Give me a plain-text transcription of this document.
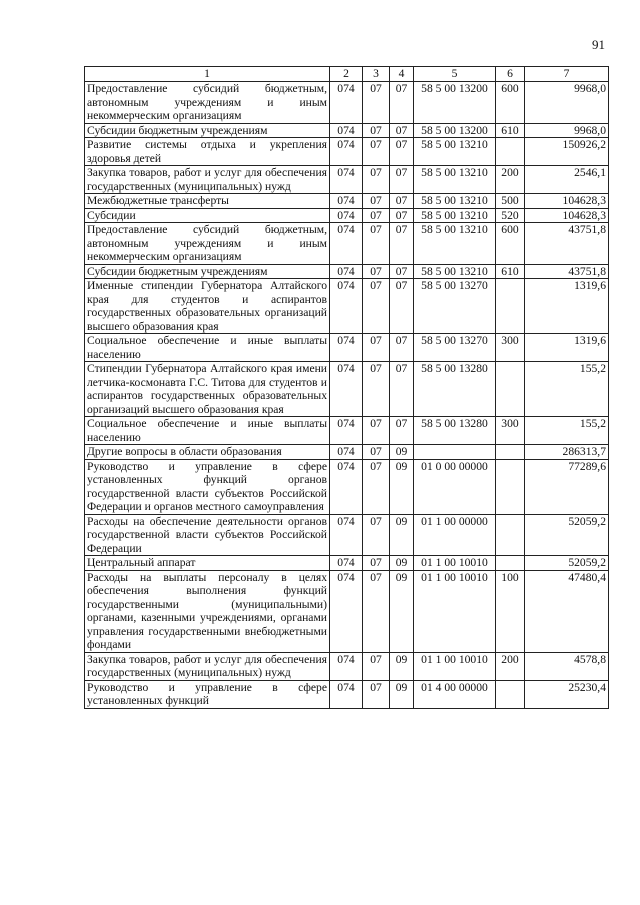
91
1	2	3	4	5	6	7
Предоставление субсидий бюджетным, автономным учреждениям и иным некоммерческим организациям	074	07	07	58 5 00 13200	600	9968,0
Субсидии бюджетным учреждениям	074	07	07	58 5 00 13200	610	9968,0
Развитие системы отдыха и укрепления здоровья детей	074	07	07	58 5 00 13210		150926,2
Закупка товаров, работ и услуг для обеспечения государственных (муниципальных) нужд	074	07	07	58 5 00 13210	200	2546,1
Межбюджетные трансферты	074	07	07	58 5 00 13210	500	104628,3
Субсидии	074	07	07	58 5 00 13210	520	104628,3
Предоставление субсидий бюджетным, автономным учреждениям и иным некоммерческим организациям	074	07	07	58 5 00 13210	600	43751,8
Субсидии бюджетным учреждениям	074	07	07	58 5 00 13210	610	43751,8
Именные стипендии Губернатора Алтайского края для студентов и аспирантов государственных образовательных организаций высшего образования края	074	07	07	58 5 00 13270		1319,6
Социальное обеспечение и иные выплаты населению	074	07	07	58 5 00 13270	300	1319,6
Стипендии Губернатора Алтайского края имени летчика-космонавта Г.С. Титова для студентов и аспирантов государственных образовательных организаций высшего образования края	074	07	07	58 5 00 13280		155,2
Социальное обеспечение и иные выплаты населению	074	07	07	58 5 00 13280	300	155,2
Другие вопросы в области образования	074	07	09			286313,7
Руководство и управление в сфере установленных функций органов государственной власти субъектов Российской Федерации и органов местного самоуправления	074	07	09	01 0 00 00000		77289,6
Расходы на обеспечение деятельности органов государственной власти субъектов Российской Федерации	074	07	09	01 1 00 00000		52059,2
Центральный аппарат	074	07	09	01 1 00 10010		52059,2
Расходы на выплаты персоналу в целях обеспечения выполнения функций государственными (муниципальными) органами, казенными учреждениями, органами управления государственными внебюджетными фондами	074	07	09	01 1 00 10010	100	47480,4
Закупка товаров, работ и услуг для обеспечения государственных (муниципальных) нужд	074	07	09	01 1 00 10010	200	4578,8
Руководство и управление в сфере установленных функций	074	07	09	01 4 00 00000		25230,4
